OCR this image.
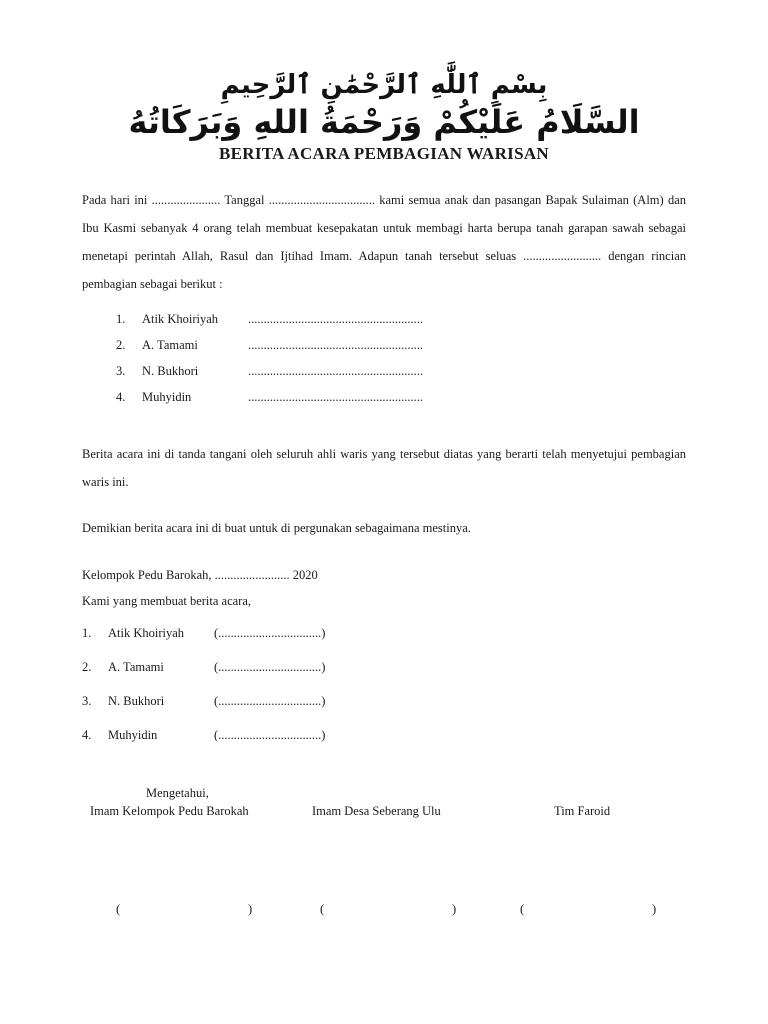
بِسْمِ ٱللَّٰهِ ٱلرَّحْمَٰنِ ٱلرَّحِيمِ
السَّلَامُ عَلَيْكُمْ وَرَحْمَةُ اللهِ وَبَرَكَاتُهُ
BERITA ACARA PEMBAGIAN WARISAN
Pada hari ini ...................... Tanggal .................................. kami semua anak dan pasangan Bapak Sulaiman (Alm) dan Ibu Kasmi sebanyak 4 orang telah membuat kesepakatan untuk membagi harta berupa tanah garapan sawah sebagai menetapi perintah Allah, Rasul dan Ijtihad Imam. Adapun tanah tersebut seluas ......................... dengan rincian pembagian sebagai berikut :
1.	Atik Khoiriyah ........................................................
2.	A. Tamami	........................................................
3.	N. Bukhori	........................................................
4.	Muhyidin	........................................................
Berita acara ini di tanda tangani oleh seluruh ahli waris yang tersebut diatas yang berarti telah menyetujui pembagian waris ini.
Demikian berita acara ini di buat untuk di pergunakan sebagaimana mestinya.
Kelompok Pedu Barokah, ........................ 2020
Kami yang membuat berita acara,
1. Atik Khoiriyah (.................................)
2. A. Tamami	(.................................)
3. N. Bukhori	(.................................)
4. Muhyidin	(.................................)
Mengetahui,
Imam Kelompok Pedu Barokah	Imam Desa Seberang Ulu	Tim Faroid
(	)	(	)	(	)
